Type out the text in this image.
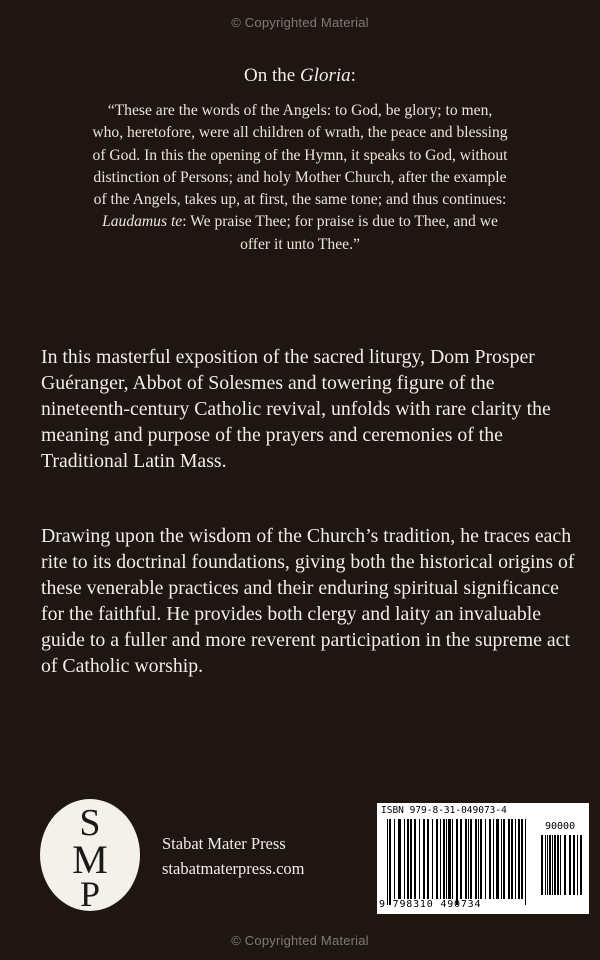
© Copyrighted Material
On the Gloria:
“These are the words of the Angels: to God, be glory; to men, who, heretofore, were all children of wrath, the peace and blessing of God. In this the opening of the Hymn, it speaks to God, without distinction of Persons; and holy Mother Church, after the example of the Angels, takes up, at first, the same tone; and thus continues: Laudamus te: We praise Thee; for praise is due to Thee, and we offer it unto Thee.”
In this masterful exposition of the sacred liturgy, Dom Prosper Guéranger, Abbot of Solesmes and towering figure of the nineteenth-century Catholic revival, unfolds with rare clarity the meaning and purpose of the prayers and ceremonies of the Traditional Latin Mass.
Drawing upon the wisdom of the Church’s tradition, he traces each rite to its doctrinal foundations, giving both the historical origins of these venerable practices and their enduring spiritual significance for the faithful. He provides both clergy and laity an invaluable guide to a fuller and more reverent participation in the supreme act of Catholic worship.
S
M
P
Stabat Mater Press
stabatmaterpress.com
ISBN 979-8-31-049073-4
90000
9 798310 490734
© Copyrighted Material
